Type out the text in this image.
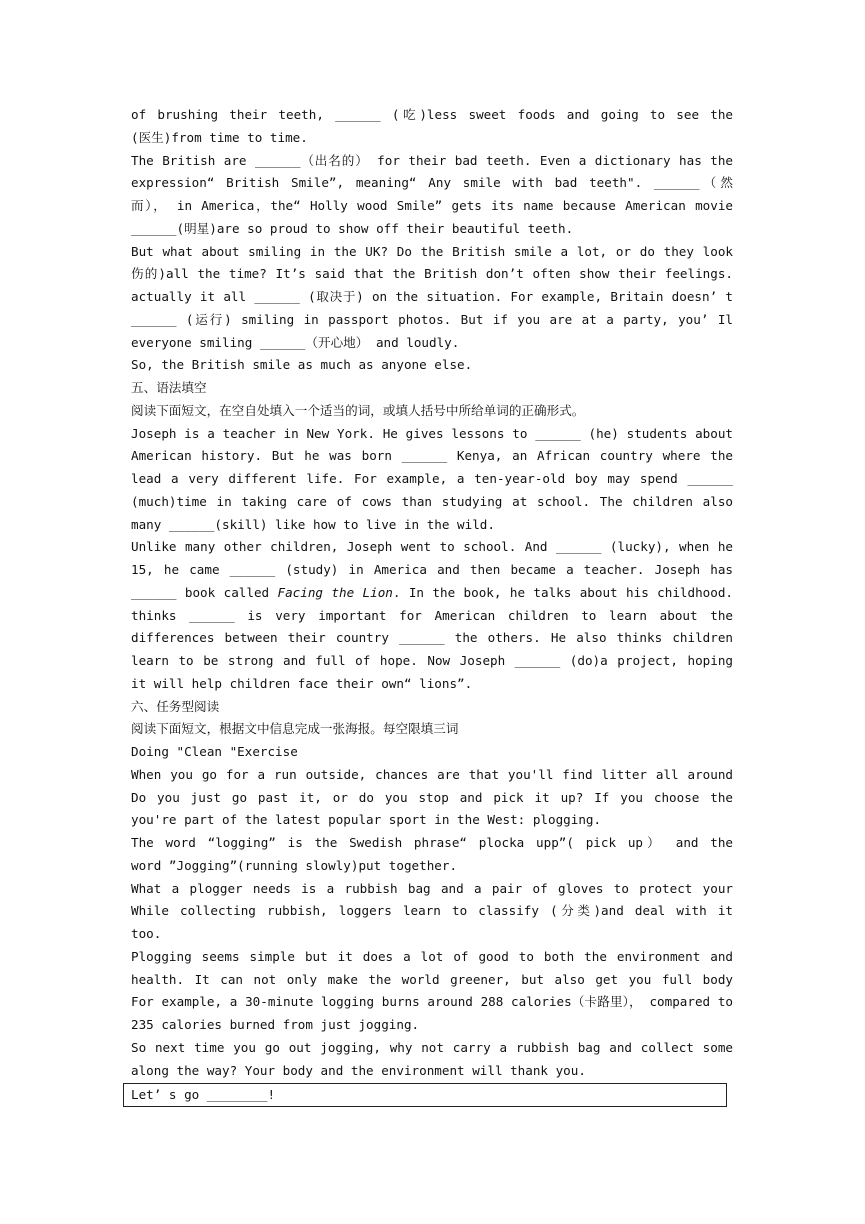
of brushing their teeth, ______ (吃)less sweet foods and going to see the
(医生)from time to time.
The British are ______（出名的） for their bad teeth. Even a dictionary has the
expression“ British Smile”, meaning“ Any smile with bad teeth". ______（然
而）， in America，the“ Holly wood Smile” gets its name because American movie
______(明星)are so proud to show off their beautiful teeth.
But what about smiling in the UK? Do the British smile a lot, or do they look
伤的)all the time? It’s said that the British don’t often show their feelings.
actually it all ______ (取决于) on the situation. For example, Britain doesn’ t
______ (运行) smiling in passport photos. But if you are at a party, you’ Il
everyone smiling ______（开心地） and loudly.
So, the British smile as much as anyone else.
五、语法填空
阅读下面短文，在空自处填入一个适当的词，或填人括号中所给单词的正确形式。
Joseph is a teacher in New York. He gives lessons to ______ (he) students about
American history. But he was born ______ Kenya, an African country where the
lead a very different life. For example, a ten-year-old boy may spend ______
(much)time in taking care of cows than studying at school. The children also
many ______(skill) like how to live in the wild.
Unlike many other children, Joseph went to school. And ______ (lucky), when he
15, he came ______ (study) in America and then became a teacher. Joseph has
______ book called Facing the Lion. In the book, he talks about his childhood.
thinks ______ is very important for American children to learn about the
differences between their country ______ the others. He also thinks children
learn to be strong and full of hope. Now Joseph ______ (do)a project, hoping
it will help children face their own“ lions”.
六、任务型阅读
阅读下面短文，根据文中信息完成一张海报。每空限填三词
Doing "Clean "Exercise
When you go for a run outside, chances are that you'll find litter all around
Do you just go past it, or do you stop and pick it up? If you choose the
you're part of the latest popular sport in the West: plogging.
The word “logging” is the Swedish phrase“ plocka upp”( pick up） and the
word ”Jogging”(running slowly)put together.
What a plogger needs is a rubbish bag and a pair of gloves to protect your
While collecting rubbish, loggers learn to classify (分类)and deal with it
too.
Plogging seems simple but it does a lot of good to both the environment and
health. It can not only make the world greener, but also get you full body
For example, a 30-minute logging burns around 288 calories（卡路里）， compared to
235 calories burned from just jogging.
So next time you go out jogging, why not carry a rubbish bag and collect some
along the way? Your body and the environment will thank you.
Let’ s go ________!
